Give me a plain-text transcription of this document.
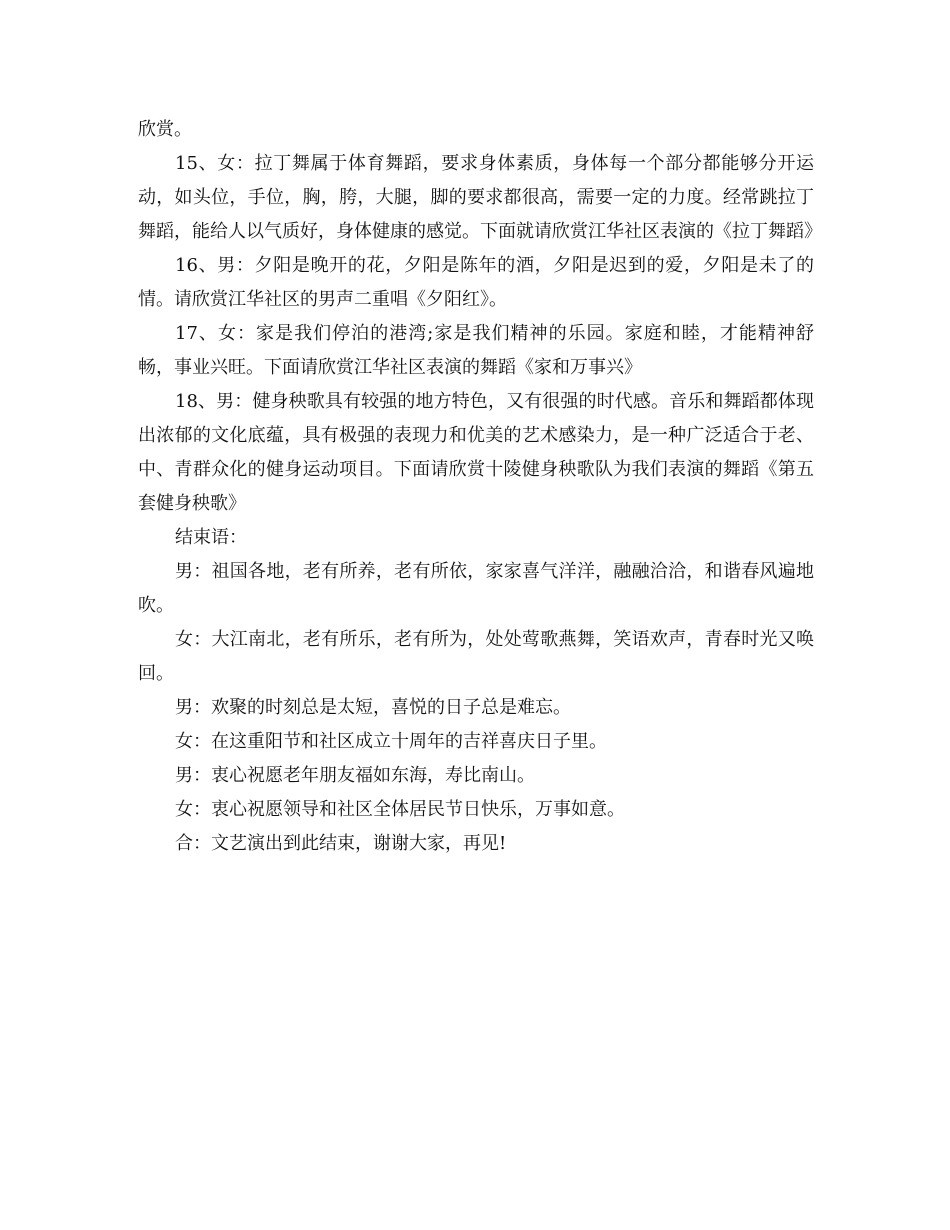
欣赏。

15、女：拉丁舞属于体育舞蹈，要求身体素质，身体每一个部分都能够分开运动，如头位，手位，胸，胯，大腿，脚的要求都很高，需要一定的力度。经常跳拉丁舞蹈，能给人以气质好，身体健康的感觉。下面就请欣赏江华社区表演的《拉丁舞蹈》

16、男：夕阳是晚开的花，夕阳是陈年的酒，夕阳是迟到的爱，夕阳是未了的情。请欣赏江华社区的男声二重唱《夕阳红》。

17、女：家是我们停泊的港湾;家是我们精神的乐园。家庭和睦，才能精神舒畅，事业兴旺。下面请欣赏江华社区表演的舞蹈《家和万事兴》

18、男：健身秧歌具有较强的地方特色，又有很强的时代感。音乐和舞蹈都体现出浓郁的文化底蕴，具有极强的表现力和优美的艺术感染力，是一种广泛适合于老、中、青群众化的健身运动项目。下面请欣赏十陵健身秧歌队为我们表演的舞蹈《第五套健身秧歌》

结束语：

男：祖国各地，老有所养，老有所依，家家喜气洋洋，融融洽洽，和谐春风遍地吹。

女：大江南北，老有所乐，老有所为，处处莺歌燕舞，笑语欢声，青春时光又唤回。

男：欢聚的时刻总是太短，喜悦的日子总是难忘。

女：在这重阳节和社区成立十周年的吉祥喜庆日子里。

男：衷心祝愿老年朋友福如东海，寿比南山。

女：衷心祝愿领导和社区全体居民节日快乐，万事如意。

合：文艺演出到此结束，谢谢大家，再见!
